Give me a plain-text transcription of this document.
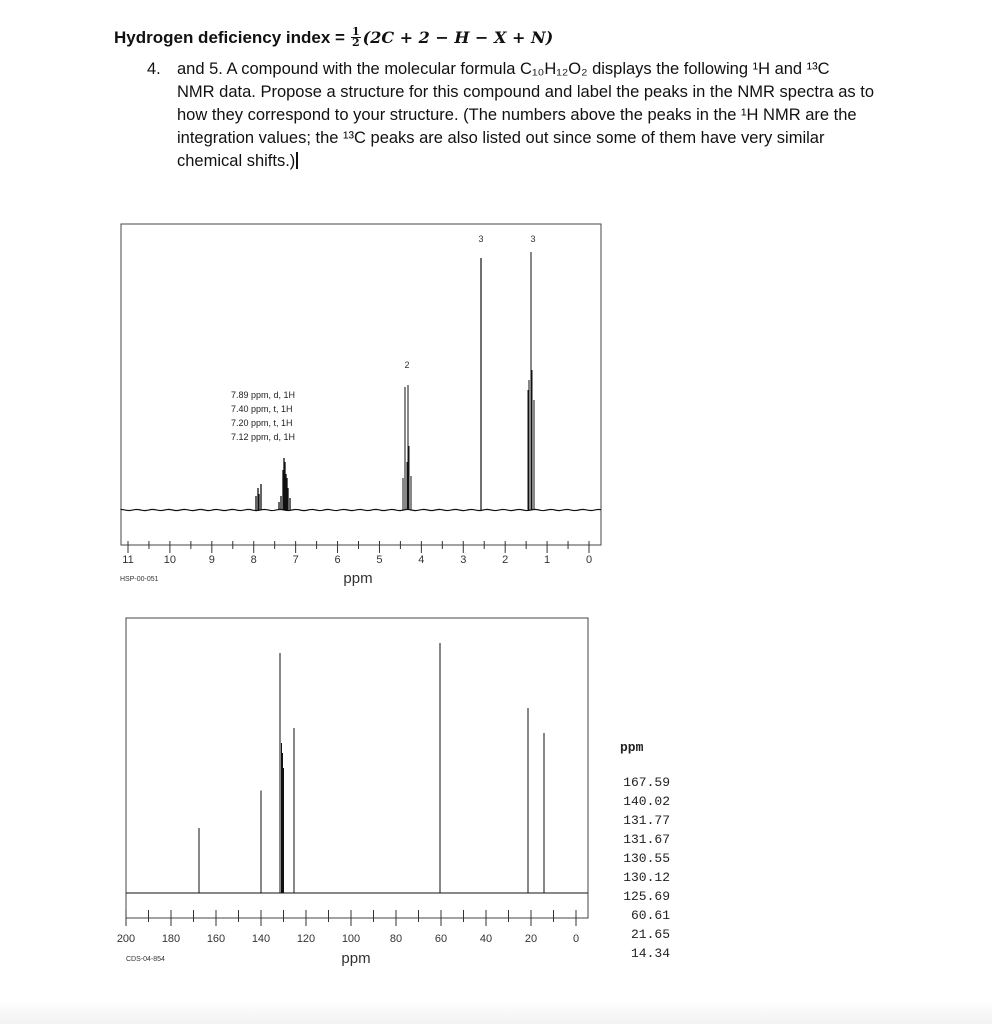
Hydrogen deficiency index = $\frac{1}{2} (2C + 2 - H - X + N)$
4. and 5. A compound with the molecular formula C₁₀H₁₂O₂ displays the following ¹H and ¹³C
NMR data. Propose a structure for this compound and label the peaks in the NMR spectra as to
how they correspond to your structure. (The numbers above the peaks in the ¹H NMR are the
integration values; the ¹³C peaks are also listed out since some of them have very similar
chemical shifts.)
2
3	3
7.89 ppm, d, 1H
7.40 ppm, t, 1H
7.20 ppm, t, 1H
7.12 ppm, d, 1H
11	10	9	8	7	6	5	4	3	2	1	0
ppm
HSP-00-051
200 180 160 140 120 100	80	60	40	20	0
ppm
CDS-04-854
ppm
167.59
140.02
131.77
131.67
130.55
130.12
125.69
60.61
21.65
14.34
